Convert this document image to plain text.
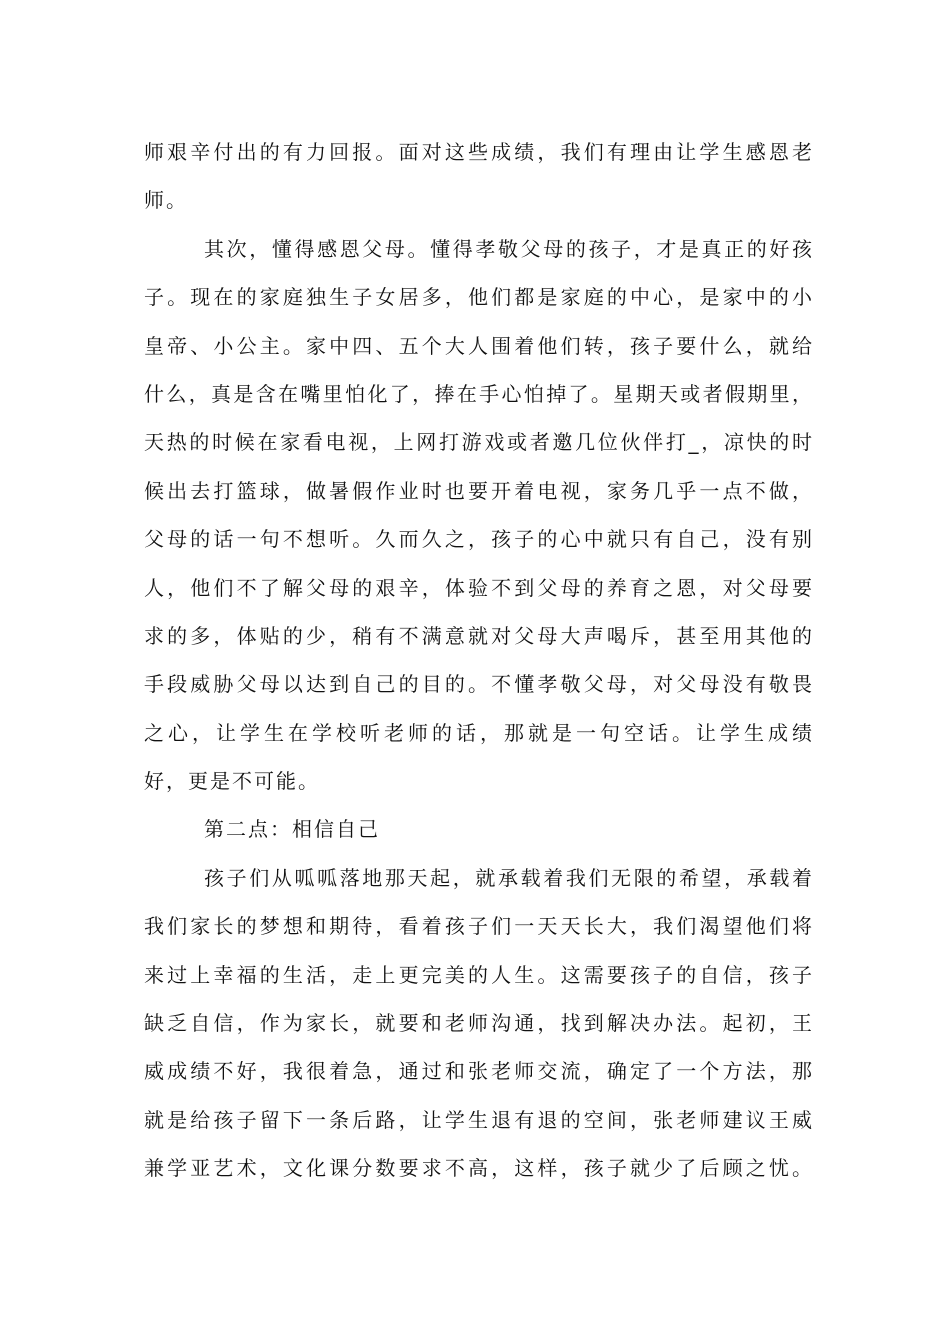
师艰辛付出的有力回报。面对这些成绩，我们有理由让学生感恩老
师。
其次，懂得感恩父母。懂得孝敬父母的孩子，才是真正的好孩
子。现在的家庭独生子女居多，他们都是家庭的中心，是家中的小
皇帝、小公主。家中四、五个大人围着他们转，孩子要什么，就给
什么，真是含在嘴里怕化了，捧在手心怕掉了。星期天或者假期里，
天热的时候在家看电视，上网打游戏或者邀几位伙伴打_，凉快的时
候出去打篮球，做暑假作业时也要开着电视，家务几乎一点不做，
父母的话一句不想听。久而久之，孩子的心中就只有自己，没有别
人，他们不了解父母的艰辛，体验不到父母的养育之恩，对父母要
求的多，体贴的少，稍有不满意就对父母大声喝斥，甚至用其他的
手段威胁父母以达到自己的目的。不懂孝敬父母，对父母没有敬畏
之心，让学生在学校听老师的话，那就是一句空话。让学生成绩
好，更是不可能。
第二点：相信自己
孩子们从呱呱落地那天起，就承载着我们无限的希望，承载着
我们家长的梦想和期待，看着孩子们一天天长大，我们渴望他们将
来过上幸福的生活，走上更完美的人生。这需要孩子的自信，孩子
缺乏自信，作为家长，就要和老师沟通，找到解决办法。起初，王
威成绩不好，我很着急，通过和张老师交流，确定了一个方法，那
就是给孩子留下一条后路，让学生退有退的空间，张老师建议王威
兼学亚艺术，文化课分数要求不高，这样，孩子就少了后顾之忧。
